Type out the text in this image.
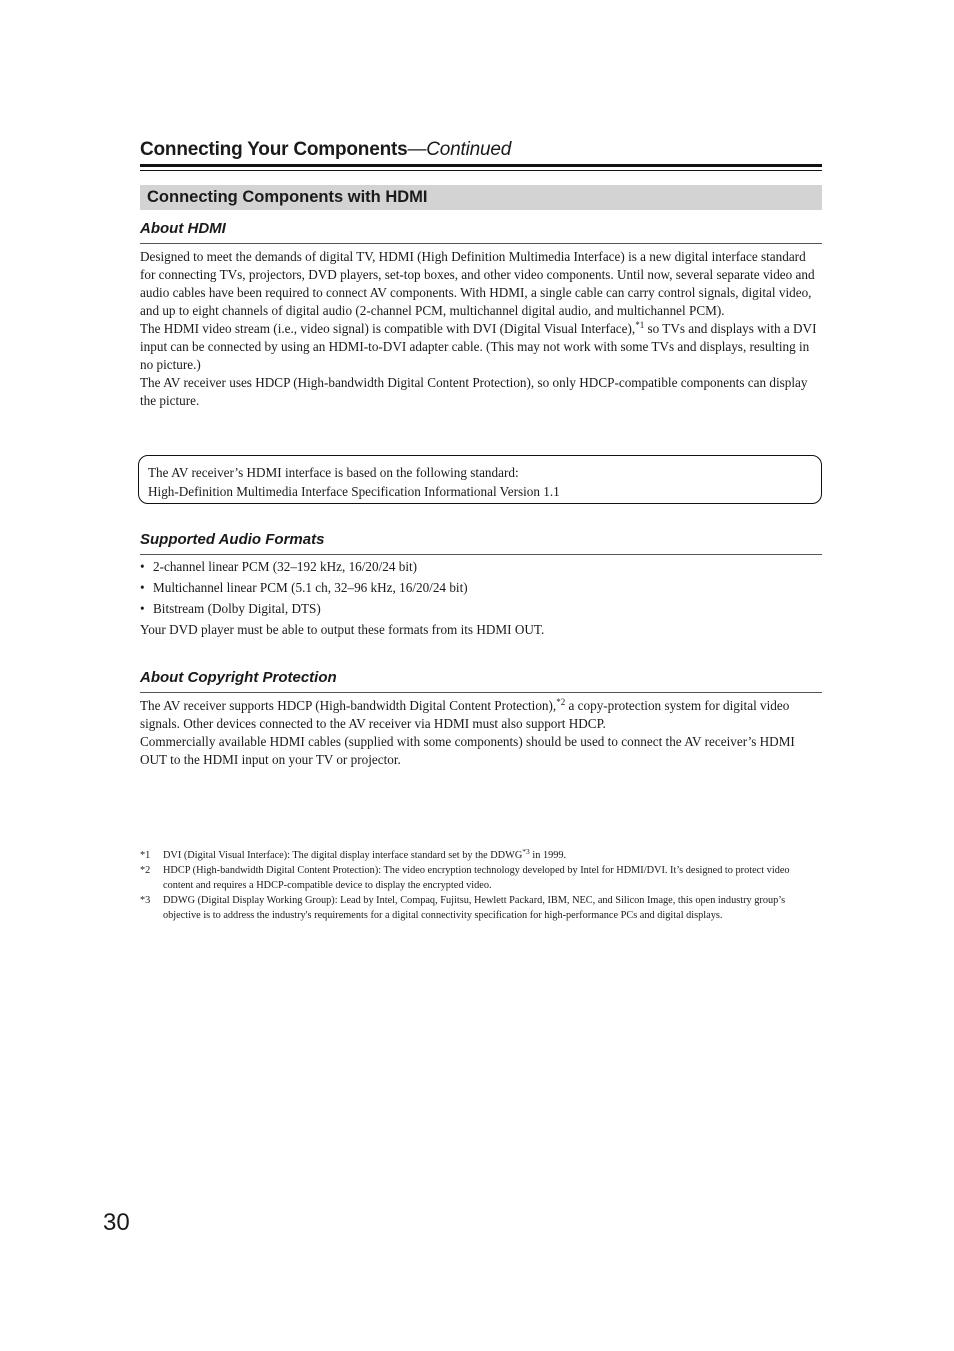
Connecting Your Components—Continued
Connecting Components with HDMI
About HDMI

Designed to meet the demands of digital TV, HDMI (High Definition Multimedia Interface) is a new digital interface standard for connecting TVs, projectors, DVD players, set-top boxes, and other video components. Until now, several separate video and audio cables have been required to connect AV components. With HDMI, a single cable can carry control signals, digital video, and up to eight channels of digital audio (2-channel PCM, multichannel digital audio, and multichannel PCM).

The HDMI video stream (i.e., video signal) is compatible with DVI (Digital Visual Interface),$^{*1}$ so TVs and displays with a DVI input can be connected by using an HDMI-to-DVI adapter cable. (This may not work with some TVs and displays, resulting in no picture.)

The AV receiver uses HDCP (High-bandwidth Digital Content Protection), so only HDCP-compatible components can display the picture.

The AV receiver’s HDMI interface is based on the following standard:
High-Definition Multimedia Interface Specification Informational Version 1.1
Supported Audio Formats
• 2-channel linear PCM (32–192 kHz, 16/20/24 bit)
• Multichannel linear PCM (5.1 ch, 32–96 kHz, 16/20/24 bit)
• Bitstream (Dolby Digital, DTS)

Your DVD player must be able to output these formats from its HDMI OUT.

About Copyright Protection

The AV receiver supports HDCP (High-bandwidth Digital Content Protection),$^{*2}$ a copy-protection system for digital video signals. Other devices connected to the AV receiver via HDMI must also support HDCP.

Commercially available HDMI cables (supplied with some components) should be used to connect the AV receiver’s HDMI OUT to the HDMI input on your TV or projector.

*1 DVI (Digital Visual Interface): The digital display interface standard set by the DDWG$^{*3}$ in 1999.
*2 HDCP (High-bandwidth Digital Content Protection): The video encryption technology developed by Intel for HDMI/DVI. It’s designed to protect video content and requires a HDCP-compatible device to display the encrypted video.
*3 DDWG (Digital Display Working Group): Lead by Intel, Compaq, Fujitsu, Hewlett Packard, IBM, NEC, and Silicon Image, this open industry group’s objective is to address the industry's requirements for a digital connectivity specification for high-performance PCs and digital displays.
30
